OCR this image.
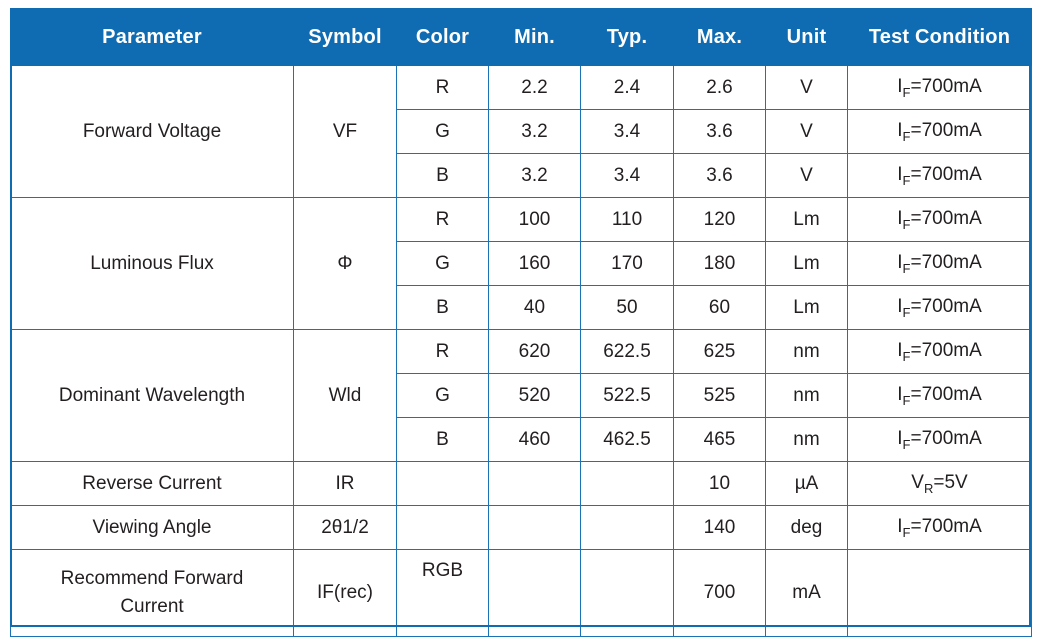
Parameter	Symbol	Color	Min.	Typ.	Max.	Unit	Test Condition
Forward Voltage	VF	R	2.2	2.4	2.6	V	$I_F=700mA$
		G	3.2	3.4	3.6	V	$I_F=700mA$
		B	3.2	3.4	3.6	V	$I_F=700mA$
Luminous Flux	Φ	R	100	110	120	Lm	$I_F=700mA$
		G	160	170	180	Lm	$I_F=700mA$
		B	40	50	60	Lm	$I_F=700mA$
Dominant Wavelength	Wld	R	620	622.5	625	nm	$I_F=700mA$
		G	520	522.5	525	nm	$I_F=700mA$
		B	460	462.5	465	nm	$I_F=700mA$
Reverse Current	IR				10	µA	$V_R=5V$
Viewing Angle	2θ1/2				140	deg	$I_F=700mA$

Recommend Forward
Current	IF(rec)	RGB			700	mA	
